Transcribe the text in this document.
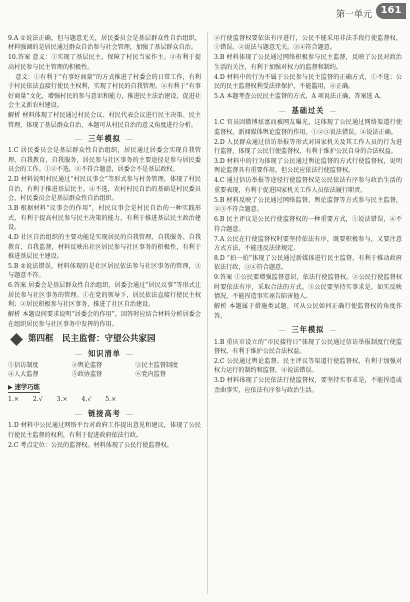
第一单元 161

9.A ①说法正确，但与题意无关，居民委员会是基层群众性自治组织，材料强调的是居民通过群众自治参与社会管理，加强了基层群众自治。

10.答案 意义：①实现了基层民主，保障了村民当家作主。②有利于提高村民参与民主管理的积极性。

意义：①有利于“有事好商量”的方式推进了村委会的日常工作，有利于村民依法直接行使民主权利，实现了村民的自我管理。②有利于“有事好商量”文化，增强村民的参与意识和能力，推进民主法治建设，促进社会主义新农村建设。

解析 材料体现了村民通过村民会议、村民代表会议进行民主决策、民主管理，体现了基层群众自治，本题可从村民自治的意义角度进行分析。

— 三年模拟 —

1.C 居民委员会是基层群众性自治组织，居民通过居委会实现自我管理、自我教育、自我服务，居民参与社区事务的主要途径是参与居民委员会的工作。①②不选，②不符合题意，居委会不是基层政权。

2.D 材料说明村民通过“村民议事会”等形式参与村务管理，体现了村民自治，有利于推进基层民主。④不选，农村村民自治的基础是村民委员会，村民委员会是基层群众性自治组织。

3.B 根据材料“议事会的作用”，村民议事会是村民自治的一种实践形式，有利于提高村民参与民主决策的能力，有利于推进基层民主政治建设。

4.D 社区自治组织的主要功能是实现居民的自我管理、自我服务、自我教育、自我监督，材料反映出社区居民参与社区事务的积极性，有利于推进基层民主建设。

5.B ②说法错误，材料体现的是社区居民依法参与社区事务的管理，③与题意不符。

6.答案 居委会是基层群众性自治组织，居委会通过“居民议事”等形式让居民参与社区事务的管理。①在党的领导下，居民依法直接行使民主权利；②居民积极参与社区事务，推进了社区自治建设。

解析 本题设问要求说明“居委会的作用”，回答时应结合材料分析居委会在组织居民参与社区事务中发挥的作用。

第四框　民主监督：守望公共家园
— 知识清单 —
①信访制度	②舆论监督	③民主监督制度
④人大监督	⑤政协监督	⑥党内监督
▶ 速学巧练
1.× 2.√ 3.× 4.√ 5.×
— 链接高考 —

1.D 材料中公民通过网络平台对政府工作提出意见和建议，体现了公民行使民主监督的权利，有利于促进政府依法行政。

2.C 考点定位：公民的监督权。材料体现了公民行使监督权。

②行使监督权要依法有序进行，公民不能采用非法手段行使监督权，①错误。②说法与题意无关。③④符合题意。

3.B 材料体现了公民通过网络积极参与民主监督，反映了公民对政治生活的关注，有利于加强对权力的监督和制约。

4.D 材料中的行为不属于公民参与民主监督的正确方式，①不选；公民的民主监督权利受法律保护，不能滥用，④正确。

5.A 本题考查公民民主监督的方式，A 项说法正确，答案选 A。

— 基础过关 —

1.C 官员因微博炫富而被网友曝光，这体现了公民通过网络渠道行使监督权，新闻媒体舆论监督的作用。①②③说法错误，④说法正确。

2.D 人民群众通过信访举报等形式对国家机关及其工作人员的行为进行监督，体现了公民行使监督权，有利于维护公民自身的合法权益。

3.D 材料中的行为体现了公民通过舆论监督的方式行使监督权，说明舆论监督具有重要作用，但公民应依法行使监督权。

4.C 通过信访举报等途径行使监督权是公民依法有序参与政治生活的重要表现，有利于促进国家机关工作人员依法履行职责。

5.B 材料反映了公民通过网络监督、舆论监督等方式参与民主监督，②③不符合题意。

6.B 民主评议是公民行使监督权的一种重要方式，①说法错误，④不符合题意。

7.A 公民在行使监督权时要坚持依法有序，既要积极参与，又要注意方式方法，不能违反法律规定。

8.D “拍一拍”体现了公民通过新媒体进行民主监督，有利于推动政府依法行政，③④符合题意。

9.答案 ①公民要增强监督意识，依法行使监督权。②公民行使监督权时要依法有序，采取合法的方式。③公民要坚持实事求是，如实反映情况，不能捏造事实诬告陷害他人。

解析 本题属于措施类试题，可从公民如何正确行使监督权的角度作答。

— 三年模拟 —

1.B 重庆市设立的“市民接待日”体现了公民通过信访举报制度行使监督权，有利于维护公民合法权益。

2.C 公民通过舆论监督、民主评议等渠道行使监督权，有利于加强对权力运行的制约和监督，④说法错误。

3.D 材料体现了公民依法行使监督权，要坚持实事求是，不能捏造或歪曲事实，应依法有序参与政治生活。
